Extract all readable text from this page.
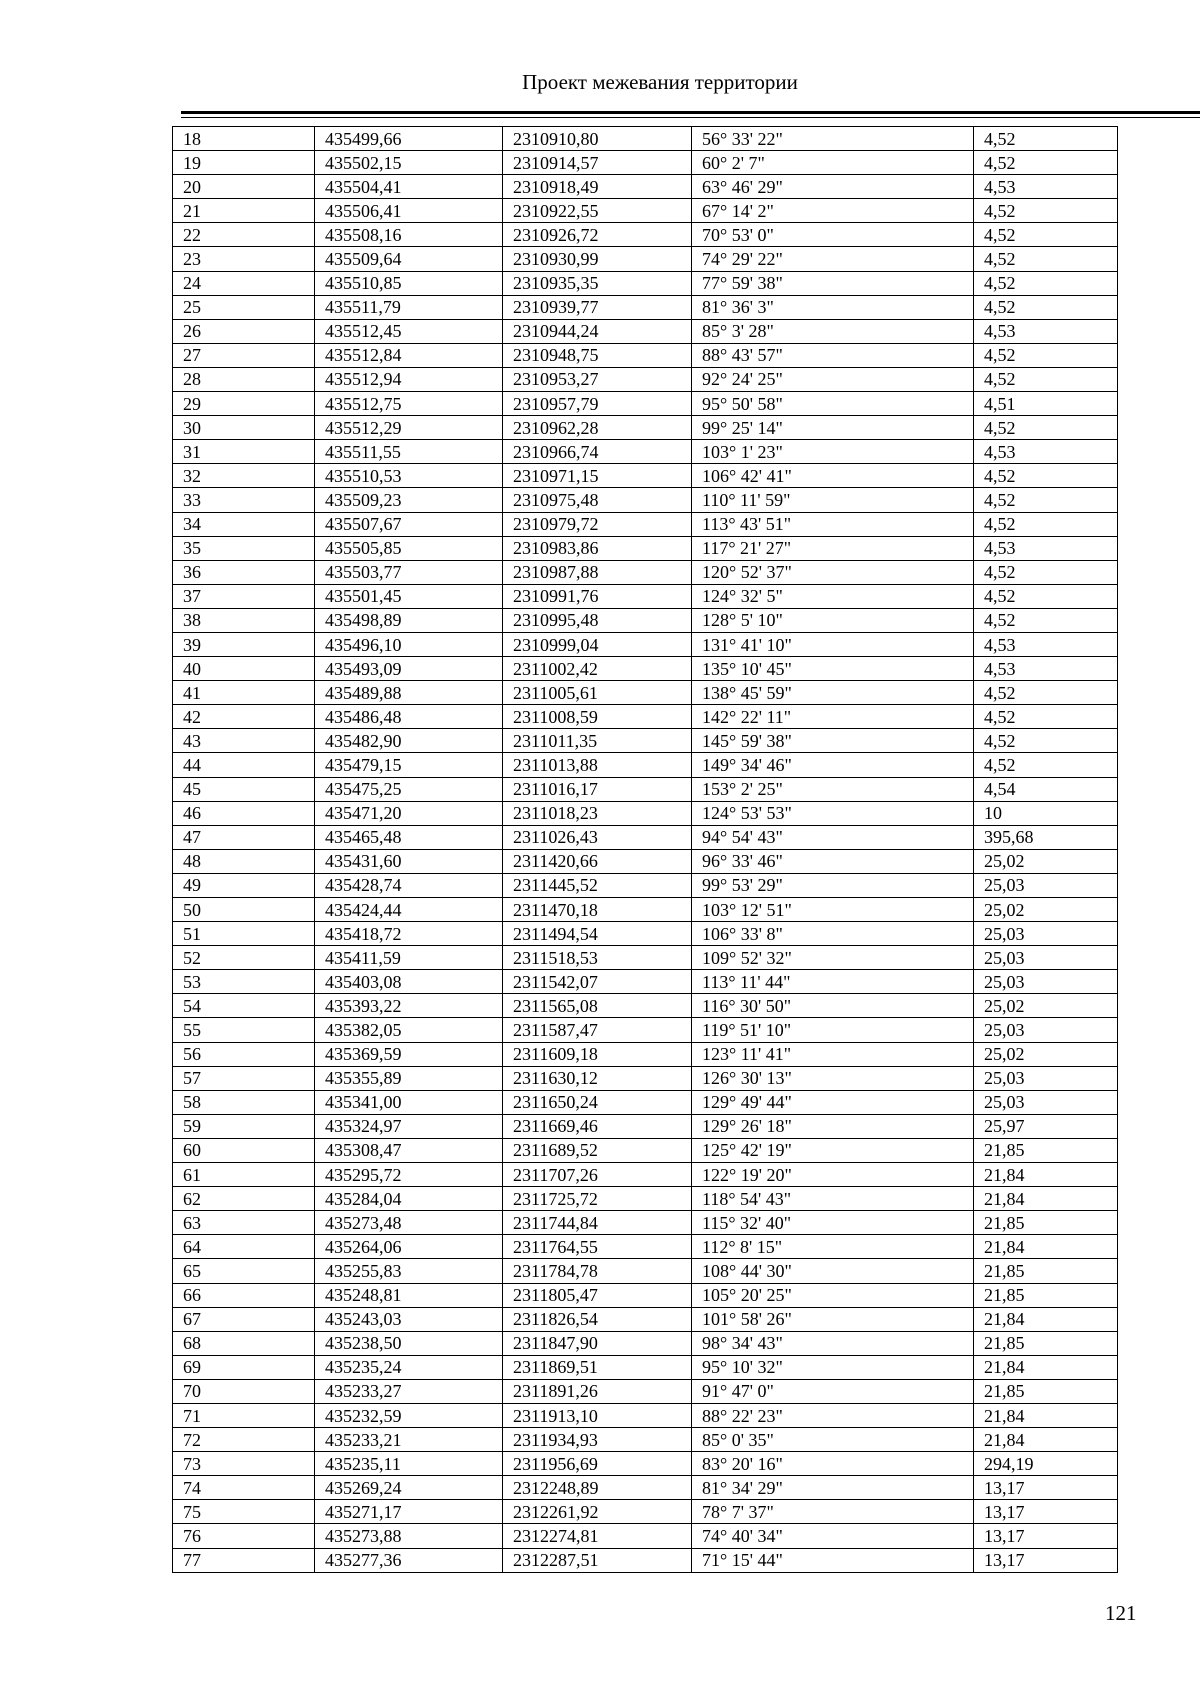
Проект межевания территории
18	435499,66	2310910,80	56° 33' 22"	4,52
19	435502,15	2310914,57	60° 2' 7"	4,52
20	435504,41	2310918,49	63° 46' 29"	4,53
21	435506,41	2310922,55	67° 14' 2"	4,52
22	435508,16	2310926,72	70° 53' 0"	4,52
23	435509,64	2310930,99	74° 29' 22"	4,52
24	435510,85	2310935,35	77° 59' 38"	4,52
25	435511,79	2310939,77	81° 36' 3"	4,52
26	435512,45	2310944,24	85° 3' 28"	4,53
27	435512,84	2310948,75	88° 43' 57"	4,52
28	435512,94	2310953,27	92° 24' 25"	4,52
29	435512,75	2310957,79	95° 50' 58"	4,51
30	435512,29	2310962,28	99° 25' 14"	4,52
31	435511,55	2310966,74	103° 1' 23"	4,53
32	435510,53	2310971,15	106° 42' 41"	4,52
33	435509,23	2310975,48	110° 11' 59"	4,52
34	435507,67	2310979,72	113° 43' 51"	4,52
35	435505,85	2310983,86	117° 21' 27"	4,53
36	435503,77	2310987,88	120° 52' 37"	4,52
37	435501,45	2310991,76	124° 32' 5"	4,52
38	435498,89	2310995,48	128° 5' 10"	4,52
39	435496,10	2310999,04	131° 41' 10"	4,53
40	435493,09	2311002,42	135° 10' 45"	4,53
41	435489,88	2311005,61	138° 45' 59"	4,52
42	435486,48	2311008,59	142° 22' 11"	4,52
43	435482,90	2311011,35	145° 59' 38"	4,52
44	435479,15	2311013,88	149° 34' 46"	4,52
45	435475,25	2311016,17	153° 2' 25"	4,54
46	435471,20	2311018,23	124° 53' 53"	10
47	435465,48	2311026,43	94° 54' 43"	395,68
48	435431,60	2311420,66	96° 33' 46"	25,02
49	435428,74	2311445,52	99° 53' 29"	25,03
50	435424,44	2311470,18	103° 12' 51"	25,02
51	435418,72	2311494,54	106° 33' 8"	25,03
52	435411,59	2311518,53	109° 52' 32"	25,03
53	435403,08	2311542,07	113° 11' 44"	25,03
54	435393,22	2311565,08	116° 30' 50"	25,02
55	435382,05	2311587,47	119° 51' 10"	25,03
56	435369,59	2311609,18	123° 11' 41"	25,02
57	435355,89	2311630,12	126° 30' 13"	25,03
58	435341,00	2311650,24	129° 49' 44"	25,03
59	435324,97	2311669,46	129° 26' 18"	25,97
60	435308,47	2311689,52	125° 42' 19"	21,85
61	435295,72	2311707,26	122° 19' 20"	21,84
62	435284,04	2311725,72	118° 54' 43"	21,84
63	435273,48	2311744,84	115° 32' 40"	21,85
64	435264,06	2311764,55	112° 8' 15"	21,84
65	435255,83	2311784,78	108° 44' 30"	21,85
66	435248,81	2311805,47	105° 20' 25"	21,85
67	435243,03	2311826,54	101° 58' 26"	21,84
68	435238,50	2311847,90	98° 34' 43"	21,85
69	435235,24	2311869,51	95° 10' 32"	21,84
70	435233,27	2311891,26	91° 47' 0"	21,85
71	435232,59	2311913,10	88° 22' 23"	21,84
72	435233,21	2311934,93	85° 0' 35"	21,84
73	435235,11	2311956,69	83° 20' 16"	294,19
74	435269,24	2312248,89	81° 34' 29"	13,17
75	435271,17	2312261,92	78° 7' 37"	13,17
76	435273,88	2312274,81	74° 40' 34"	13,17
77	435277,36	2312287,51	71° 15' 44"	13,17
121
